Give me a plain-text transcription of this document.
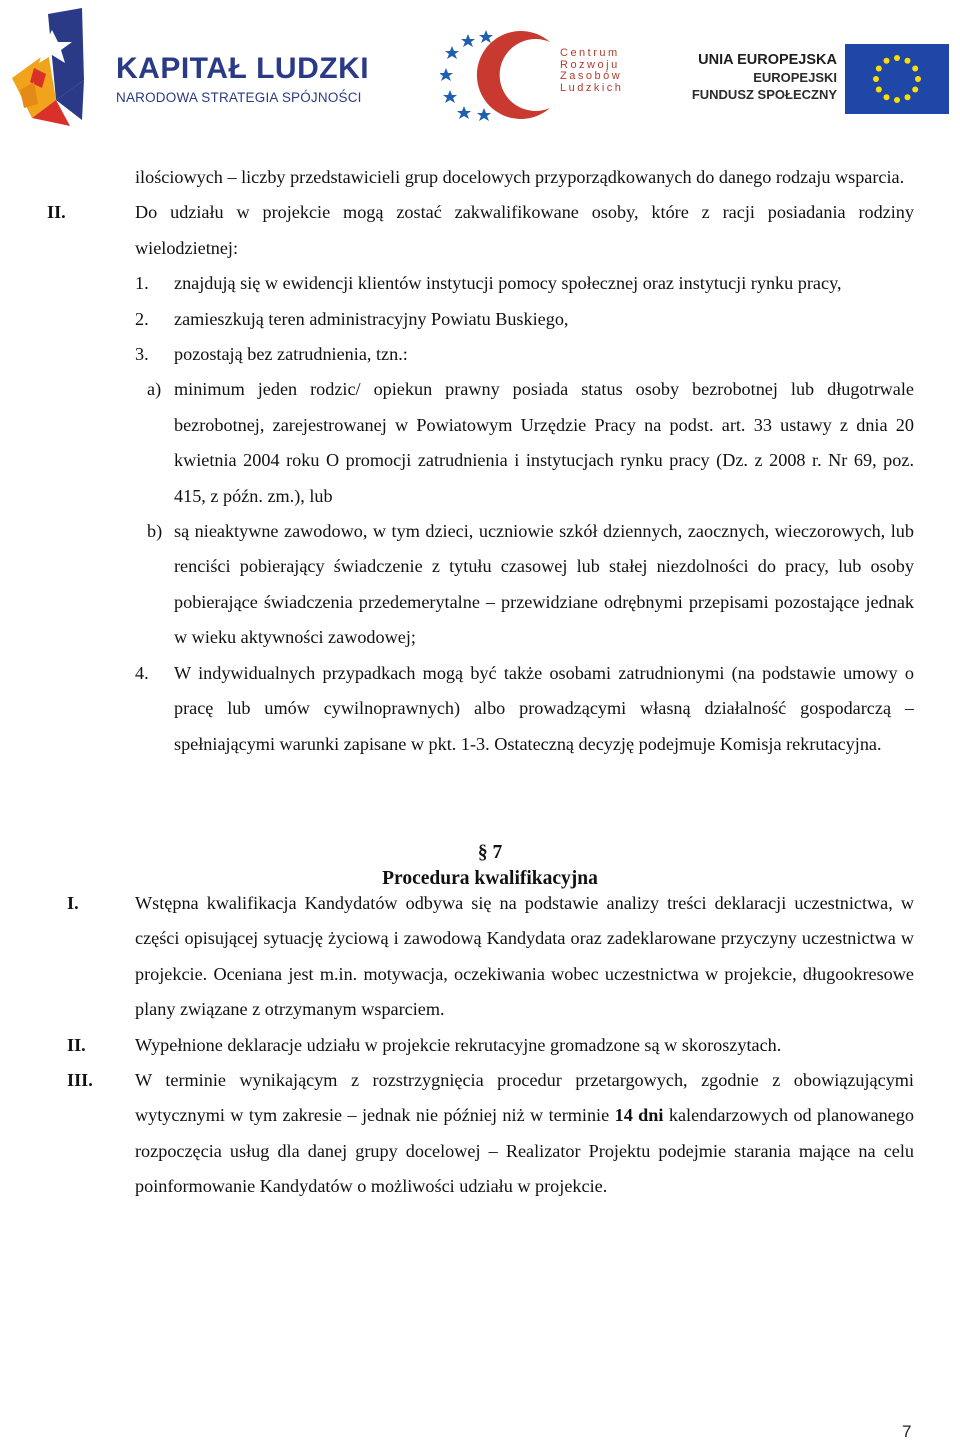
KAPITAŁ LUDZKI
NARODOWA STRATEGIA SPÓJNOŚCI
Centrum
Rozwoju
Zasobów
Ludzkich
UNIA EUROPEJSKA
EUROPEJSKI
FUNDUSZ SPOŁECZNY
ilościowych – liczby przedstawicieli grup docelowych przyporządkowanych do danego rodzaju wsparcia.
II.	Do udziału w projekcie mogą zostać zakwalifikowane osoby, które z racji posiadania rodziny wielodzietnej:
1. znajdują się w ewidencji klientów instytucji pomocy społecznej oraz instytucji rynku pracy,
2. zamieszkują teren administracyjny Powiatu Buskiego,
3. pozostają bez zatrudnienia, tzn.:
a) minimum jeden rodzic/ opiekun prawny posiada status osoby bezrobotnej lub długotrwale bezrobotnej, zarejestrowanej w Powiatowym Urzędzie Pracy na podst. art. 33 ustawy z dnia 20 kwietnia 2004 roku O promocji zatrudnienia i instytucjach rynku pracy (Dz. z 2008 r. Nr 69, poz. 415, z późn. zm.), lub
b) są nieaktywne zawodowo, w tym dzieci, uczniowie szkół dziennych, zaocznych, wieczorowych, lub renciści pobierający świadczenie z tytułu czasowej lub stałej niezdolności do pracy, lub osoby pobierające świadczenia przedemerytalne – przewidziane odrębnymi przepisami pozostające jednak w wieku aktywności zawodowej;
4. W indywidualnych przypadkach mogą być także osobami zatrudnionymi (na podstawie umowy o pracę lub umów cywilnoprawnych) albo prowadzącymi własną działalność gospodarczą – spełniającymi warunki zapisane w pkt. 1-3. Ostateczną decyzję podejmuje Komisja rekrutacyjna.
§ 7
Procedura kwalifikacyjna
I.	Wstępna kwalifikacja Kandydatów odbywa się na podstawie analizy treści deklaracji uczestnictwa, w części opisującej sytuację życiową i zawodową Kandydata oraz zadeklarowane przyczyny uczestnictwa w projekcie. Oceniana jest m.in. motywacja, oczekiwania wobec uczestnictwa w projekcie, długookresowe plany związane z otrzymanym wsparciem.
II.	Wypełnione deklaracje udziału w projekcie rekrutacyjne gromadzone są w skoroszytach.
III. W terminie wynikającym z rozstrzygnięcia procedur przetargowych, zgodnie z obowiązującymi wytycznymi w tym zakresie – jednak nie później niż w terminie 14 dni kalendarzowych od planowanego rozpoczęcia usług dla danej grupy docelowej – Realizator Projektu podejmie starania mające na celu poinformowanie Kandydatów o możliwości udziału w projekcie.
7
